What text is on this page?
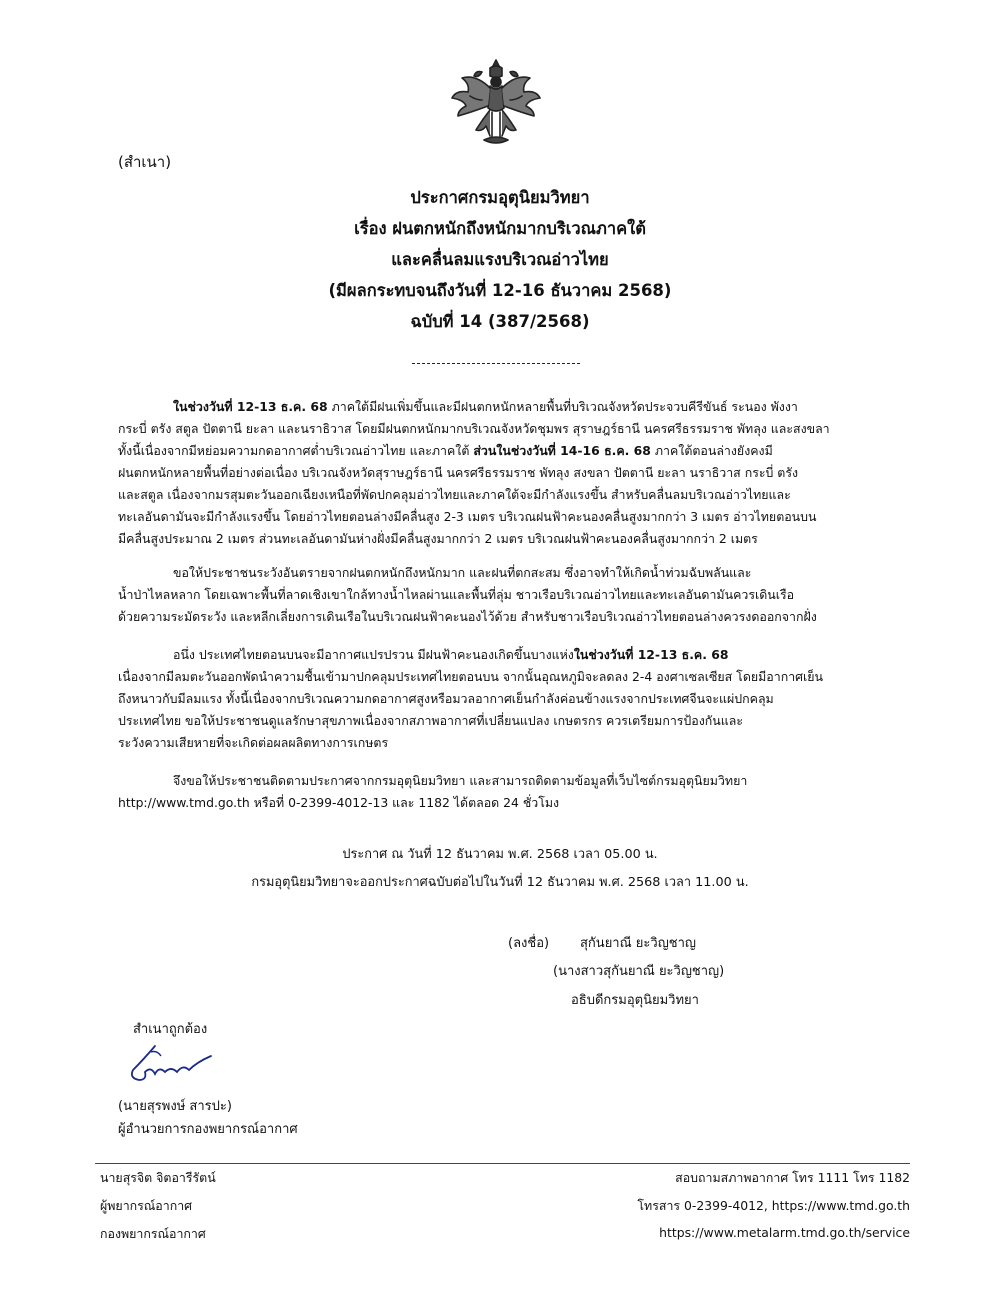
(สำเนา)
ประกาศกรมอุตุนิยมวิทยา
เรื่อง ฝนตกหนักถึงหนักมากบริเวณภาคใต้
และคลื่นลมแรงบริเวณอ่าวไทย
(มีผลกระทบจนถึงวันที่ 12-16 ธันวาคม 2568)
ฉบับที่ 14 (387/2568)
ในช่วงวันที่ 12-13 ธ.ค. 68 ภาคใต้มีฝนเพิ่มขึ้นและมีฝนตกหนักหลายพื้นที่บริเวณจังหวัดประจวบคีรีขันธ์ ระนอง พังงา
กระบี่ ตรัง สตูล ปัตตานี ยะลา และนราธิวาส โดยมีฝนตกหนักมากบริเวณจังหวัดชุมพร สุราษฎร์ธานี นครศรีธรรมราช พัทลุง และสงขลา
ทั้งนี้เนื่องจากมีหย่อมความกดอากาศต่ำบริเวณอ่าวไทย และภาคใต้ ส่วนในช่วงวันที่ 14-16 ธ.ค. 68 ภาคใต้ตอนล่างยังคงมี
ฝนตกหนักหลายพื้นที่อย่างต่อเนื่อง บริเวณจังหวัดสุราษฎร์ธานี นครศรีธรรมราช พัทลุง สงขลา ปัตตานี ยะลา นราธิวาส กระบี่ ตรัง
และสตูล เนื่องจากมรสุมตะวันออกเฉียงเหนือที่พัดปกคลุมอ่าวไทยและภาคใต้จะมีกำลังแรงขึ้น สำหรับคลื่นลมบริเวณอ่าวไทยและ
ทะเลอันดามันจะมีกำลังแรงขึ้น โดยอ่าวไทยตอนล่างมีคลื่นสูง 2-3 เมตร บริเวณฝนฟ้าคะนองคลื่นสูงมากกว่า 3 เมตร อ่าวไทยตอนบน
มีคลื่นสูงประมาณ 2 เมตร ส่วนทะเลอันดามันห่างฝั่งมีคลื่นสูงมากกว่า 2 เมตร บริเวณฝนฟ้าคะนองคลื่นสูงมากกว่า 2 เมตร
ขอให้ประชาชนระวังอันตรายจากฝนตกหนักถึงหนักมาก และฝนที่ตกสะสม ซึ่งอาจทำให้เกิดน้ำท่วมฉับพลันและ
น้ำป่าไหลหลาก โดยเฉพาะพื้นที่ลาดเชิงเขาใกล้ทางน้ำไหลผ่านและพื้นที่ลุ่ม ชาวเรือบริเวณอ่าวไทยและทะเลอันดามันควรเดินเรือ
ด้วยความระมัดระวัง และหลีกเลี่ยงการเดินเรือในบริเวณฝนฟ้าคะนองไว้ด้วย สำหรับชาวเรือบริเวณอ่าวไทยตอนล่างควรงดออกจากฝั่ง
อนึ่ง ประเทศไทยตอนบนจะมีอากาศแปรปรวน มีฝนฟ้าคะนองเกิดขึ้นบางแห่งในช่วงวันที่ 12-13 ธ.ค. 68
เนื่องจากมีลมตะวันออกพัดนำความชื้นเข้ามาปกคลุมประเทศไทยตอนบน จากนั้นอุณหภูมิจะลดลง 2-4 องศาเซลเซียส โดยมีอากาศเย็น
ถึงหนาวกับมีลมแรง ทั้งนี้เนื่องจากบริเวณความกดอากาศสูงหรือมวลอากาศเย็นกำลังค่อนข้างแรงจากประเทศจีนจะแผ่ปกคลุม
ประเทศไทย ขอให้ประชาชนดูแลรักษาสุขภาพเนื่องจากสภาพอากาศที่เปลี่ยนแปลง เกษตรกร ควรเตรียมการป้องกันและ
ระวังความเสียหายที่จะเกิดต่อผลผลิตทางการเกษตร
จึงขอให้ประชาชนติดตามประกาศจากกรมอุตุนิยมวิทยา และสามารถติดตามข้อมูลที่เว็บไซต์กรมอุตุนิยมวิทยา
http://www.tmd.go.th หรือที่ 0-2399-4012-13 และ 1182 ได้ตลอด 24 ชั่วโมง
ประกาศ ณ วันที่ 12 ธันวาคม พ.ศ. 2568 เวลา 05.00 น.
กรมอุตุนิยมวิทยาจะออกประกาศฉบับต่อไปในวันที่ 12 ธันวาคม พ.ศ. 2568 เวลา 11.00 น.
(ลงชื่อ) สุกันยาณี ยะวิญชาญ
(นางสาวสุกันยาณี ยะวิญชาญ)
อธิบดีกรมอุตุนิยมวิทยา
สำเนาถูกต้อง
(นายสุรพงษ์ สารปะ)
ผู้อำนวยการกองพยากรณ์อากาศ
นายสุรจิต จิตอารีรัตน์
ผู้พยากรณ์อากาศ
กองพยากรณ์อากาศ
สอบถามสภาพอากาศ โทร 1111 โทร 1182
โทรสาร 0-2399-4012, https://www.tmd.go.th
https://www.metalarm.tmd.go.th/service
